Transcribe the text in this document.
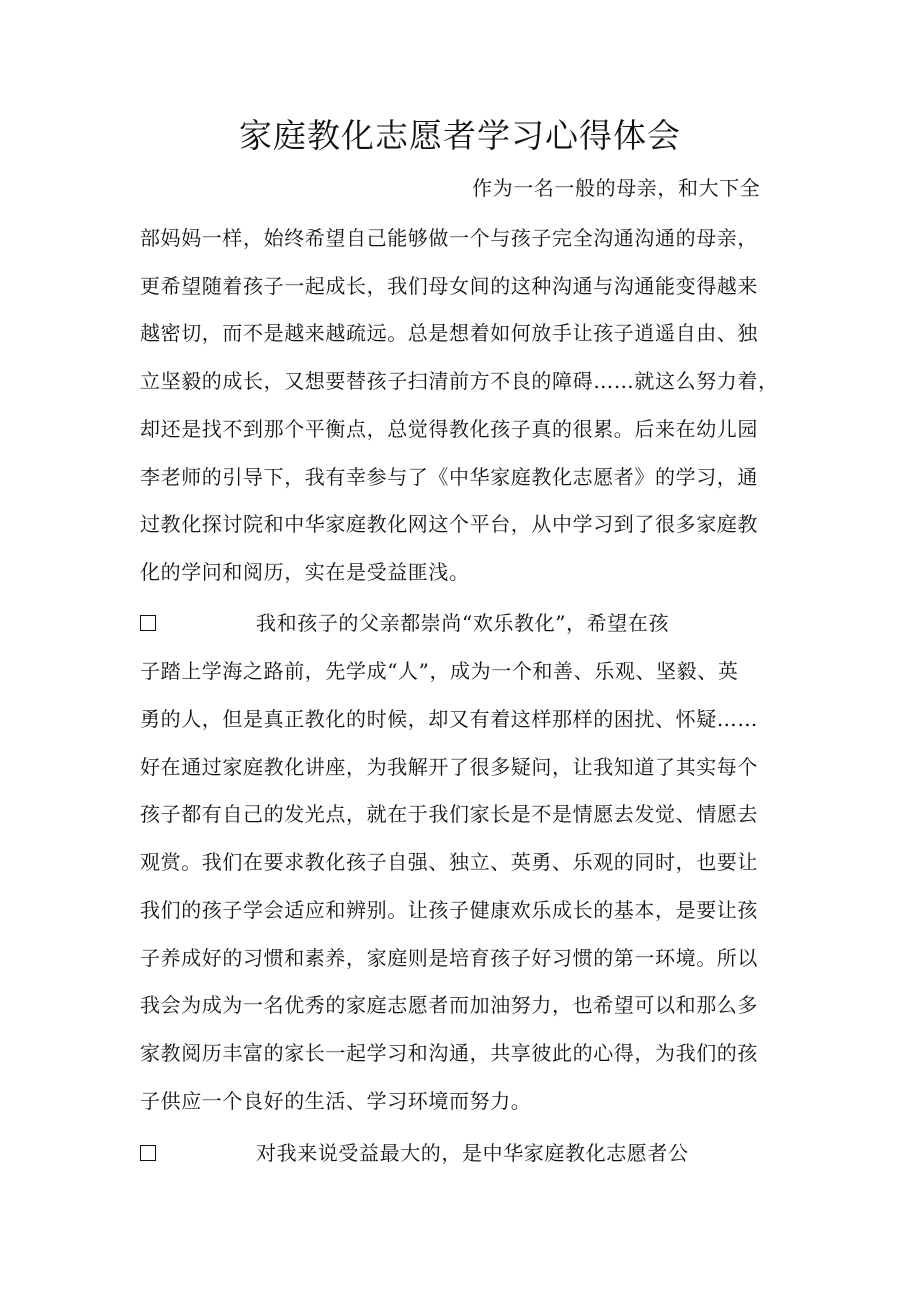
家庭教化志愿者学习心得体会
作为一名一般的母亲，和大下全
部妈妈一样，始终希望自己能够做一个与孩子完全沟通沟通的母亲，
更希望随着孩子一起成长，我们母女间的这种沟通与沟通能变得越来
越密切，而不是越来越疏远。总是想着如何放手让孩子逍遥自由、独
立坚毅的成长，又想要替孩子扫清前方不良的障碍……就这么努力着，
却还是找不到那个平衡点，总觉得教化孩子真的很累。后来在幼儿园
李老师的引导下，我有幸参与了《中华家庭教化志愿者》的学习，通
过教化探讨院和中华家庭教化网这个平台，从中学习到了很多家庭教
化的学问和阅历，实在是受益匪浅。
我和孩子的父亲都崇尚“欢乐教化”，希望在孩
子踏上学海之路前，先学成“人”，成为一个和善、乐观、坚毅、英
勇的人，但是真正教化的时候，却又有着这样那样的困扰、怀疑……
好在通过家庭教化讲座，为我解开了很多疑问，让我知道了其实每个
孩子都有自己的发光点，就在于我们家长是不是情愿去发觉、情愿去
观赏。我们在要求教化孩子自强、独立、英勇、乐观的同时，也要让
我们的孩子学会适应和辨别。让孩子健康欢乐成长的基本，是要让孩
子养成好的习惯和素养，家庭则是培育孩子好习惯的第一环境。所以
我会为成为一名优秀的家庭志愿者而加油努力，也希望可以和那么多
家教阅历丰富的家长一起学习和沟通，共享彼此的心得，为我们的孩
子供应一个良好的生活、学习环境而努力。
对我来说受益最大的，是中华家庭教化志愿者公
